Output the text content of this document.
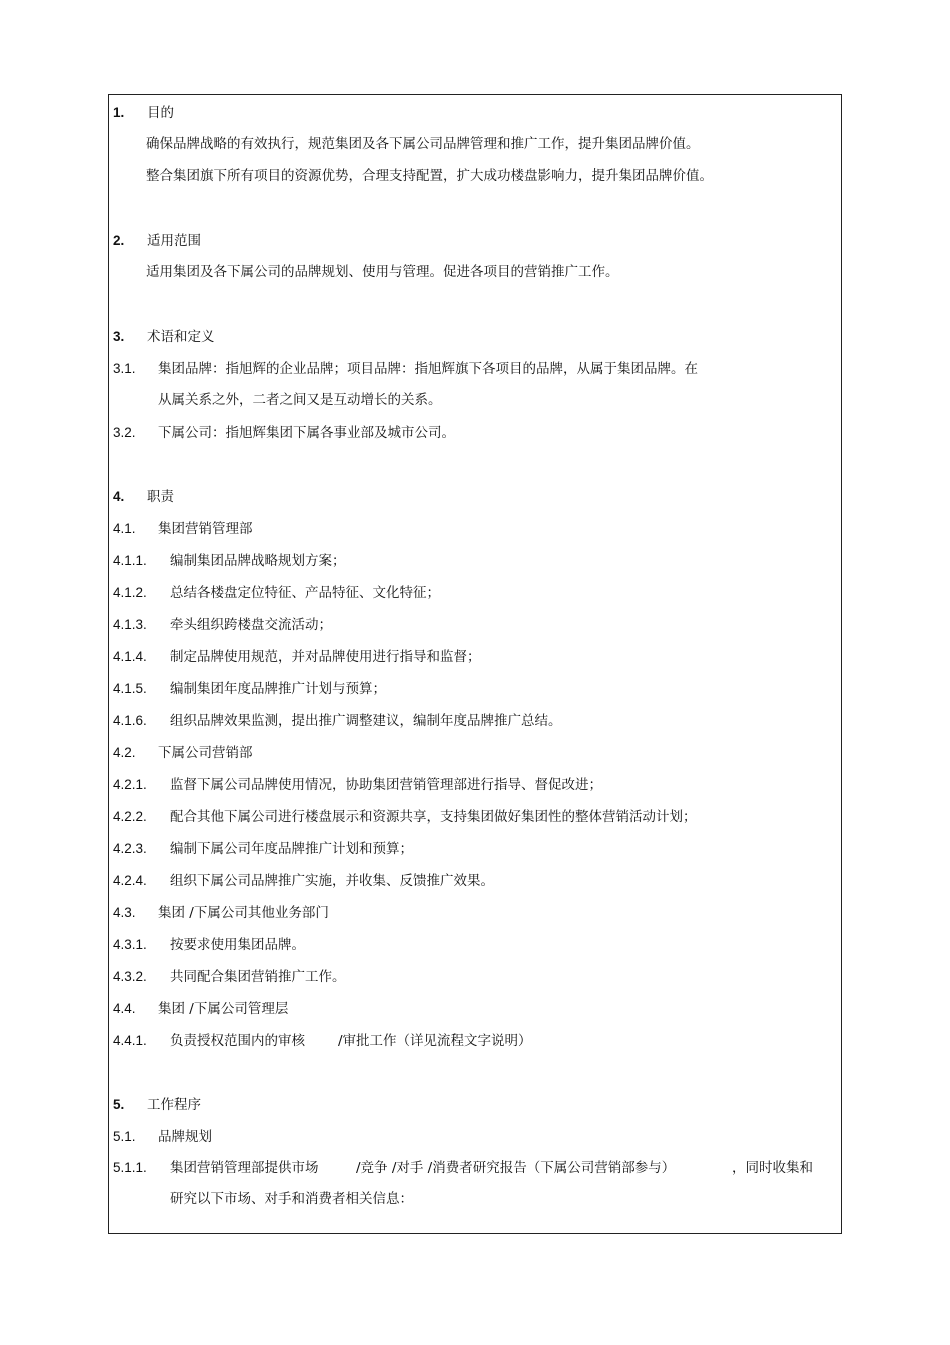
1. 目的
确保品牌战略的有效执行，规范集团及各下属公司品牌管理和推广工作，提升集团品牌价值。
整合集团旗下所有项目的资源优势，合理支持配置，扩大成功楼盘影响力，提升集团品牌价值。
2. 适用范围
适用集团及各下属公司的品牌规划、使用与管理。促进各项目的营销推广工作。
3. 术语和定义
3.1. 集团品牌：指旭辉的企业品牌；项目品牌：指旭辉旗下各项目的品牌，从属于集团品牌。在
从属关系之外，二者之间又是互动增长的关系。
3.2. 下属公司：指旭辉集团下属各事业部及城市公司。
4. 职责
4.1. 集团营销管理部
4.1.1. 编制集团品牌战略规划方案；
4.1.2. 总结各楼盘定位特征、产品特征、文化特征；
4.1.3. 牵头组织跨楼盘交流活动；
4.1.4. 制定品牌使用规范，并对品牌使用进行指导和监督；
4.1.5. 编制集团年度品牌推广计划与预算；
4.1.6. 组织品牌效果监测，提出推广调整建议，编制年度品牌推广总结。
4.2. 下属公司营销部
4.2.1. 监督下属公司品牌使用情况，协助集团营销管理部进行指导、督促改进；
4.2.2. 配合其他下属公司进行楼盘展示和资源共享，支持集团做好集团性的整体营销活动计划；
4.2.3. 编制下属公司年度品牌推广计划和预算；
4.2.4. 组织下属公司品牌推广实施，并收集、反馈推广效果。
4.3. 集团 /下属公司其他业务部门
4.3.1. 按要求使用集团品牌。
4.3.2. 共同配合集团营销推广工作。
4.4. 集团 /下属公司管理层
4.4.1. 负责授权范围内的审核 /审批工作（详见流程文字说明）
5. 工作程序
5.1. 品牌规划
5.1.1. 集团营销管理部提供市场	/竞争 /对手 /消费者研究报告（下属公司营销部参与）	，同时收集和
研究以下市场、对手和消费者相关信息：
